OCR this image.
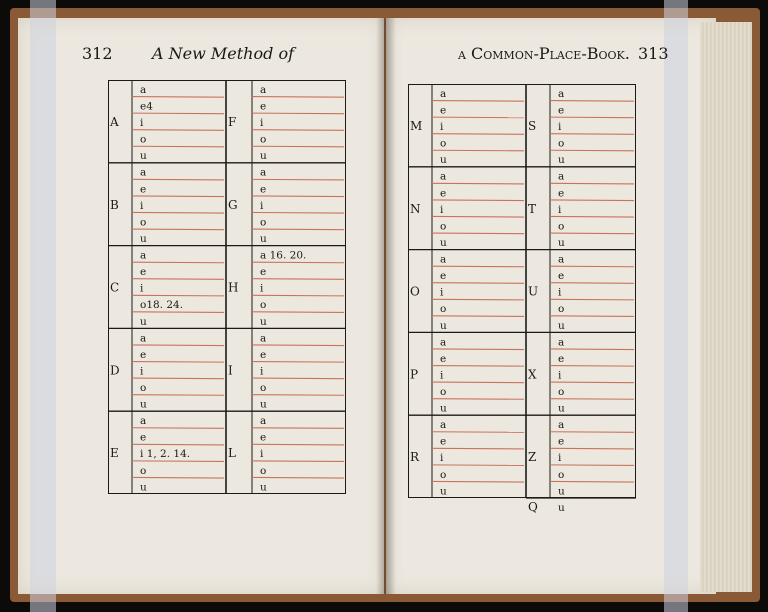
312 A New Method of	a Common-Place-Book. 313
A
a
e4
i
o
u
B
a
e
i
o
u
C
a
e
i
o18. 24.
u
D
a
e
i
o
u
E
a
e
i 1, 2. 14.
o
u
F
a
e
i
o
u
G
a
e
i
o
u
H
a 16. 20.
e
i
o
u
I
a
e
i
o
u
L
a
e
i
o
u
M
a
e
i
o
u
N
a
e
i
o
u
O
a
e
i
o
u
P
a
e
i
o
u
R
a
e
i
o
u
S
a
e
i
o
u
T
a
e
i
o
u
U
a
e
i
o
u
X
a
e
i
o
u
Z
a
e
i
o
u
Q u
